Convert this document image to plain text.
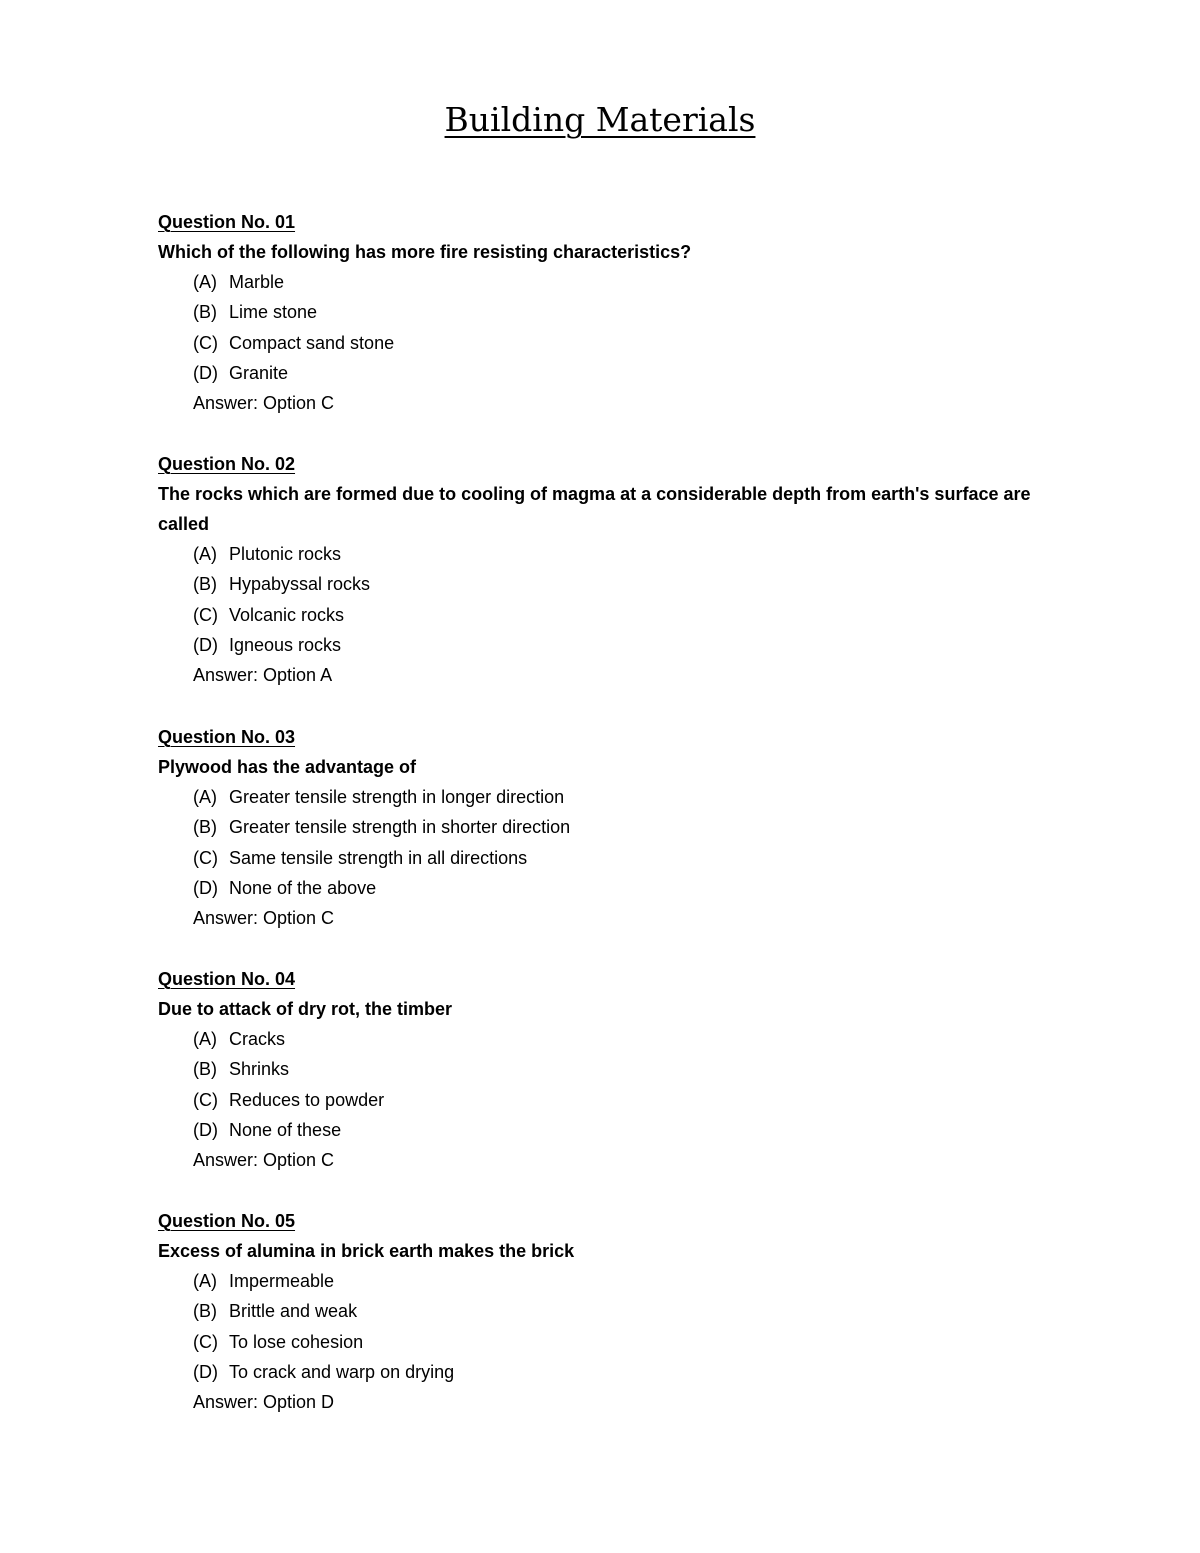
Building Materials
Question No. 01
Which of the following has more fire resisting characteristics?
(A) Marble
(B) Lime stone
(C) Compact sand stone
(D) Granite
Answer: Option C
Question No. 02
The rocks which are formed due to cooling of magma at a considerable depth from earth's surface are called
(A) Plutonic rocks
(B) Hypabyssal rocks
(C) Volcanic rocks
(D) Igneous rocks
Answer: Option A
Question No. 03
Plywood has the advantage of
(A) Greater tensile strength in longer direction
(B) Greater tensile strength in shorter direction
(C) Same tensile strength in all directions
(D) None of the above
Answer: Option C
Question No. 04
Due to attack of dry rot, the timber
(A) Cracks
(B) Shrinks
(C) Reduces to powder
(D) None of these
Answer: Option C
Question No. 05
Excess of alumina in brick earth makes the brick
(A) Impermeable
(B) Brittle and weak
(C) To lose cohesion
(D) To crack and warp on drying
Answer: Option D
